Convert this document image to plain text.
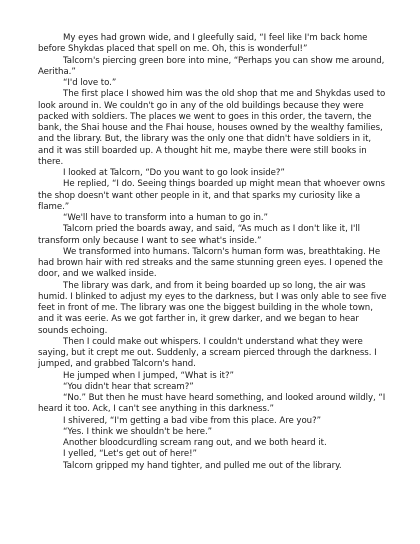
My eyes had grown wide, and I gleefully said, “I feel like I'm back home before Shykdas placed that spell on me. Oh, this is wonderful!”

Talcorn's piercing green bore into mine, “Perhaps you can show me around, Aeritha.”

“I'd love to.”

The first place I showed him was the old shop that me and Shykdas used to look around in. We couldn't go in any of the old buildings because they were packed with soldiers. The places we went to goes in this order, the tavern, the bank, the Shai house and the Fhai house, houses owned by the wealthy families, and the library. But, the library was the only one that didn't have soldiers in it, and it was still boarded up. A thought hit me, maybe there were still books in there.

I looked at Talcorn, “Do you want to go look inside?”

He replied, “I do. Seeing things boarded up might mean that whoever owns the shop doesn't want other people in it, and that sparks my curiosity like a flame.”

“We'll have to transform into a human to go in.”

Talcorn pried the boards away, and said, “As much as I don't like it, I'll transform only because I want to see what's inside.”

We transformed into humans. Talcorn's human form was, breathtaking. He had brown hair with red streaks and the same stunning green eyes. I opened the door, and we walked inside.

The library was dark, and from it being boarded up so long, the air was humid. I blinked to adjust my eyes to the darkness, but I was only able to see five feet in front of me. The library was one the biggest building in the whole town, and it was eerie. As we got farther in, it grew darker, and we began to hear sounds echoing.

Then I could make out whispers. I couldn't understand what they were saying, but it crept me out. Suddenly, a scream pierced through the darkness. I jumped, and grabbed Talcorn's hand.

He jumped when I jumped, “What is it?”

“You didn't hear that scream?”

“No.” But then he must have heard something, and looked around wildly, “I heard it too. Ack, I can't see anything in this darkness.”

I shivered, “I'm getting a bad vibe from this place. Are you?”

“Yes. I think we shouldn't be here.”

Another bloodcurdling scream rang out, and we both heard it.

I yelled, “Let's get out of here!”

Talcorn gripped my hand tighter, and pulled me out of the library.
